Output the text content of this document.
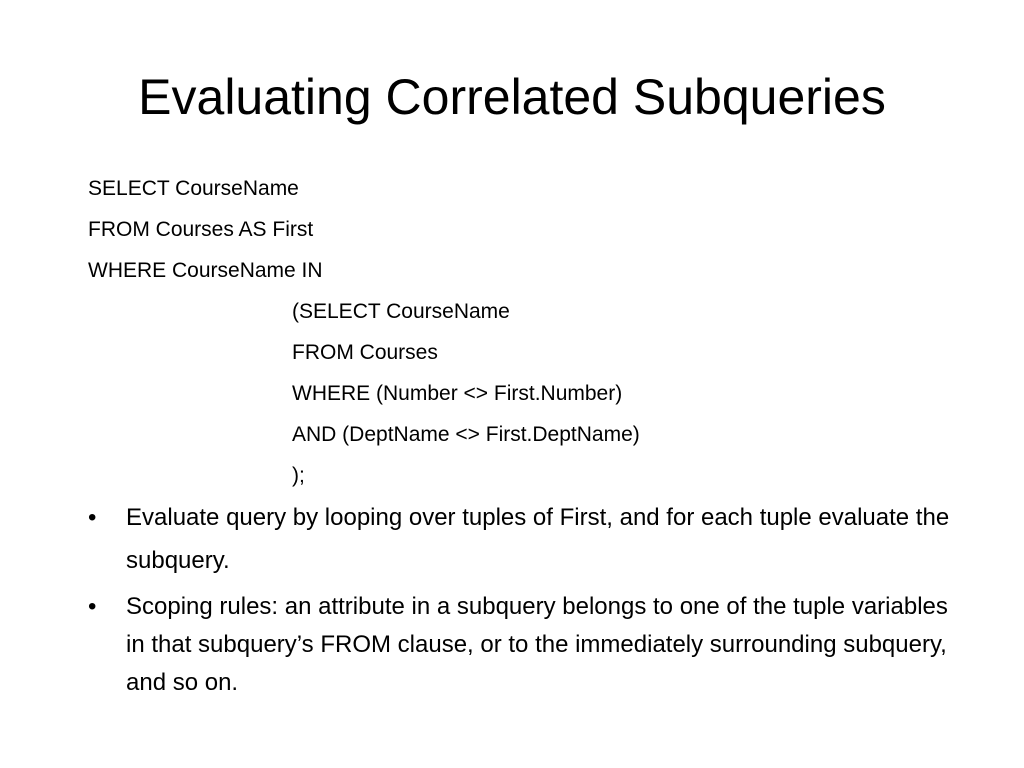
Evaluating Correlated Subqueries
SELECT CourseName
FROM Courses AS First
WHERE CourseName IN
(SELECT CourseName
FROM Courses
WHERE (Number <> First.Number)
AND (DeptName <> First.DeptName)
);
•	Evaluate query by looping over tuples of First, and for each tuple evaluate the subquery.
•	Scoping rules: an attribute in a subquery belongs to one of the tuple variables in that subquery’s FROM clause, or to the immediately surrounding subquery, and so on.
